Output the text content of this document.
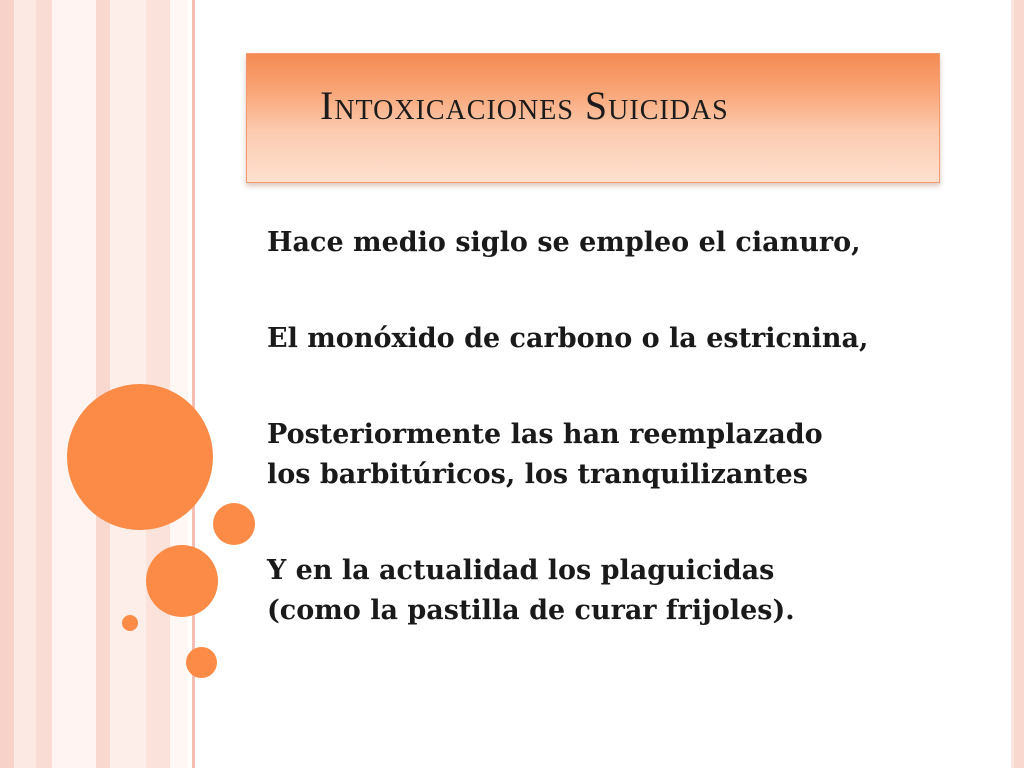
Intoxicaciones Suicidas
Hace medio siglo se empleo el cianuro,
El monóxido de carbono o la estricnina,
Posteriormente las han reemplazado
los barbitúricos, los tranquilizantes
Y en la actualidad los plaguicidas
(como la pastilla de curar frijoles).
